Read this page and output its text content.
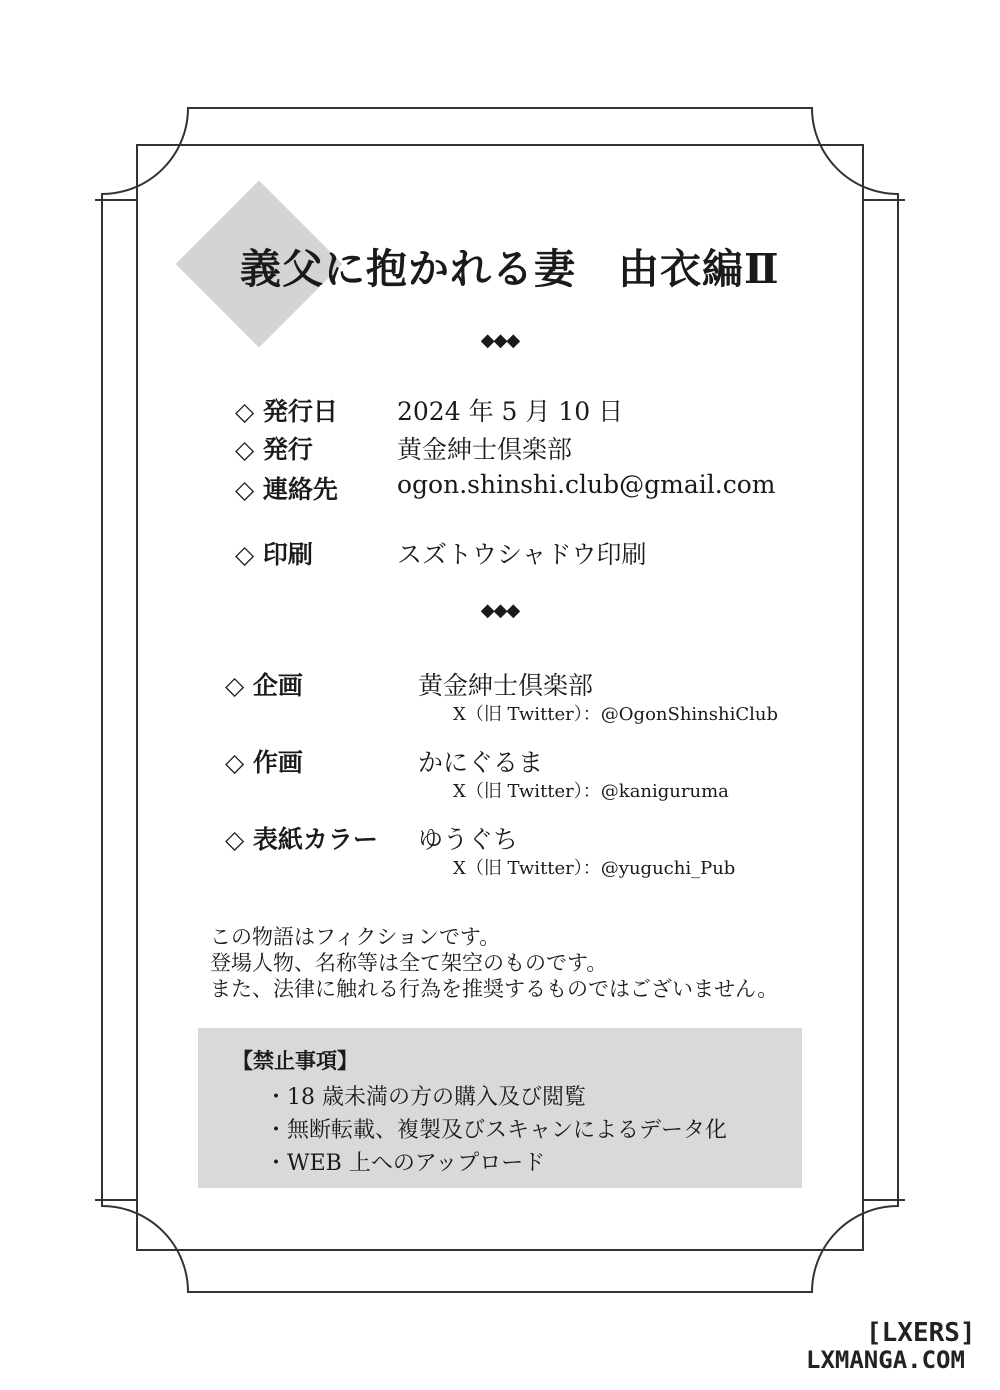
義父に抱かれる妻　由衣編Ⅱ
◆◆◆
◇ 発行日 2024 年 5 月 10 日
◇ 発行	黄金紳士倶楽部
◇ 連絡先 ogon.shinshi.club@gmail.com
◇ 印刷	スズトウシャドウ印刷
◆◆◆
◇ 企画	黄金紳士倶楽部
X（旧 Twitter）：@OgonShinshiClub
◇ 作画	かにぐるま
X（旧 Twitter）：@kaniguruma
◇ 表紙カラー ゆうぐち
X（旧 Twitter）：@yuguchi_Pub
この物語はフィクションです。
登場人物、名称等は全て架空のものです。
また、法律に触れる行為を推奨するものではございません。
【禁止事項】
・18 歳未満の方の購入及び閲覧
・無断転載、複製及びスキャンによるデータ化
・WEB 上へのアップロード
[LXERS]
LXMANGA.COM
